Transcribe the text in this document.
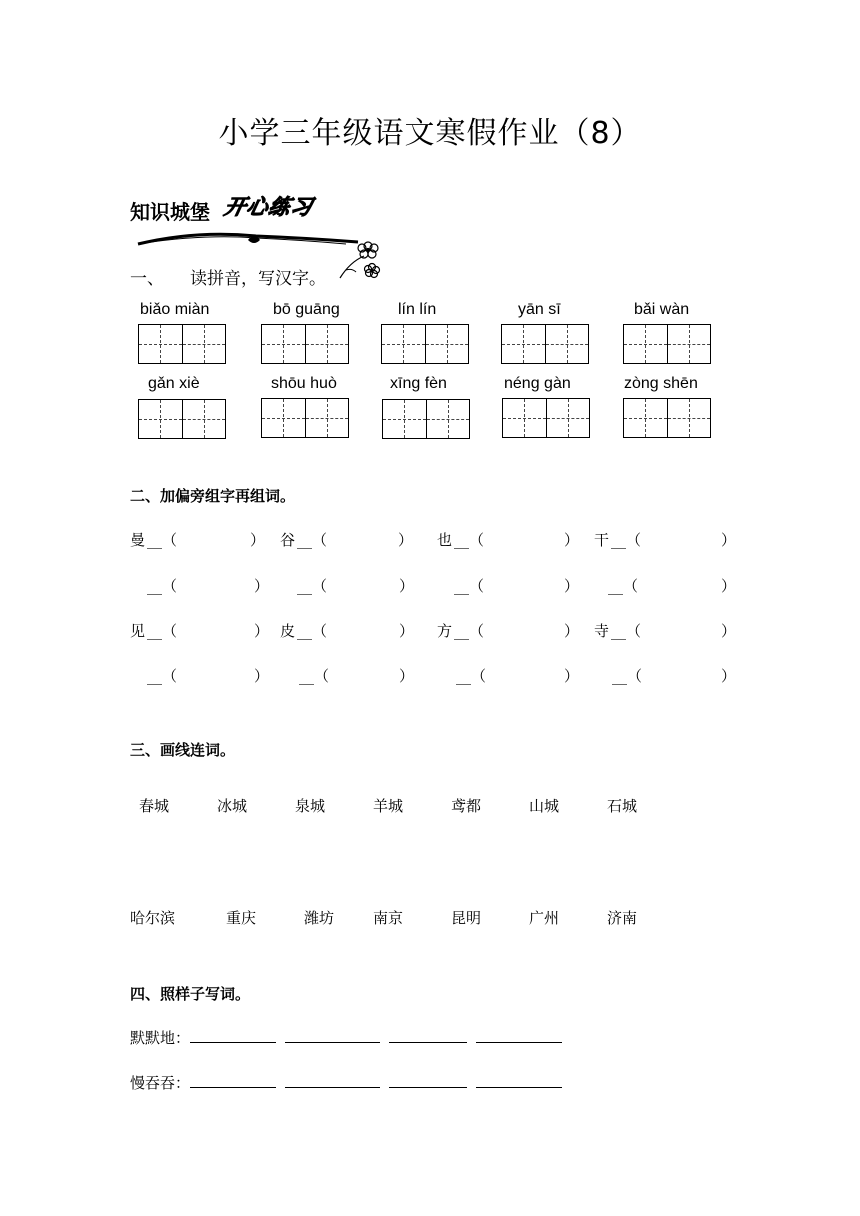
小学三年级语文寒假作业（8）
知识城堡 开心练习
一、 读拼音，写汉字。
biǎo miàn	bō guāng	lín lín	yān sī	bǎi wàn
gǎn xiè	shōu huò	xīng fèn	néng gàn	zòng shēn
二、加偏旁组字再组词。
曼 __（	） 谷 __（	） 也 __（	） 干 __（	）
__（	） __（	）	__（	） __（	）
见 __（	） 皮 __（	） 方 __（	） 寺 __（	）
__（	） __（	）	__（	） __（	）
三、画线连词。
春城	冰城	泉城	羊城	鸢都	山城	石城
哈尔滨	重庆	潍坊	南京	昆明	广州	济南
四、照样子写词。
默默地：
慢吞吞：
